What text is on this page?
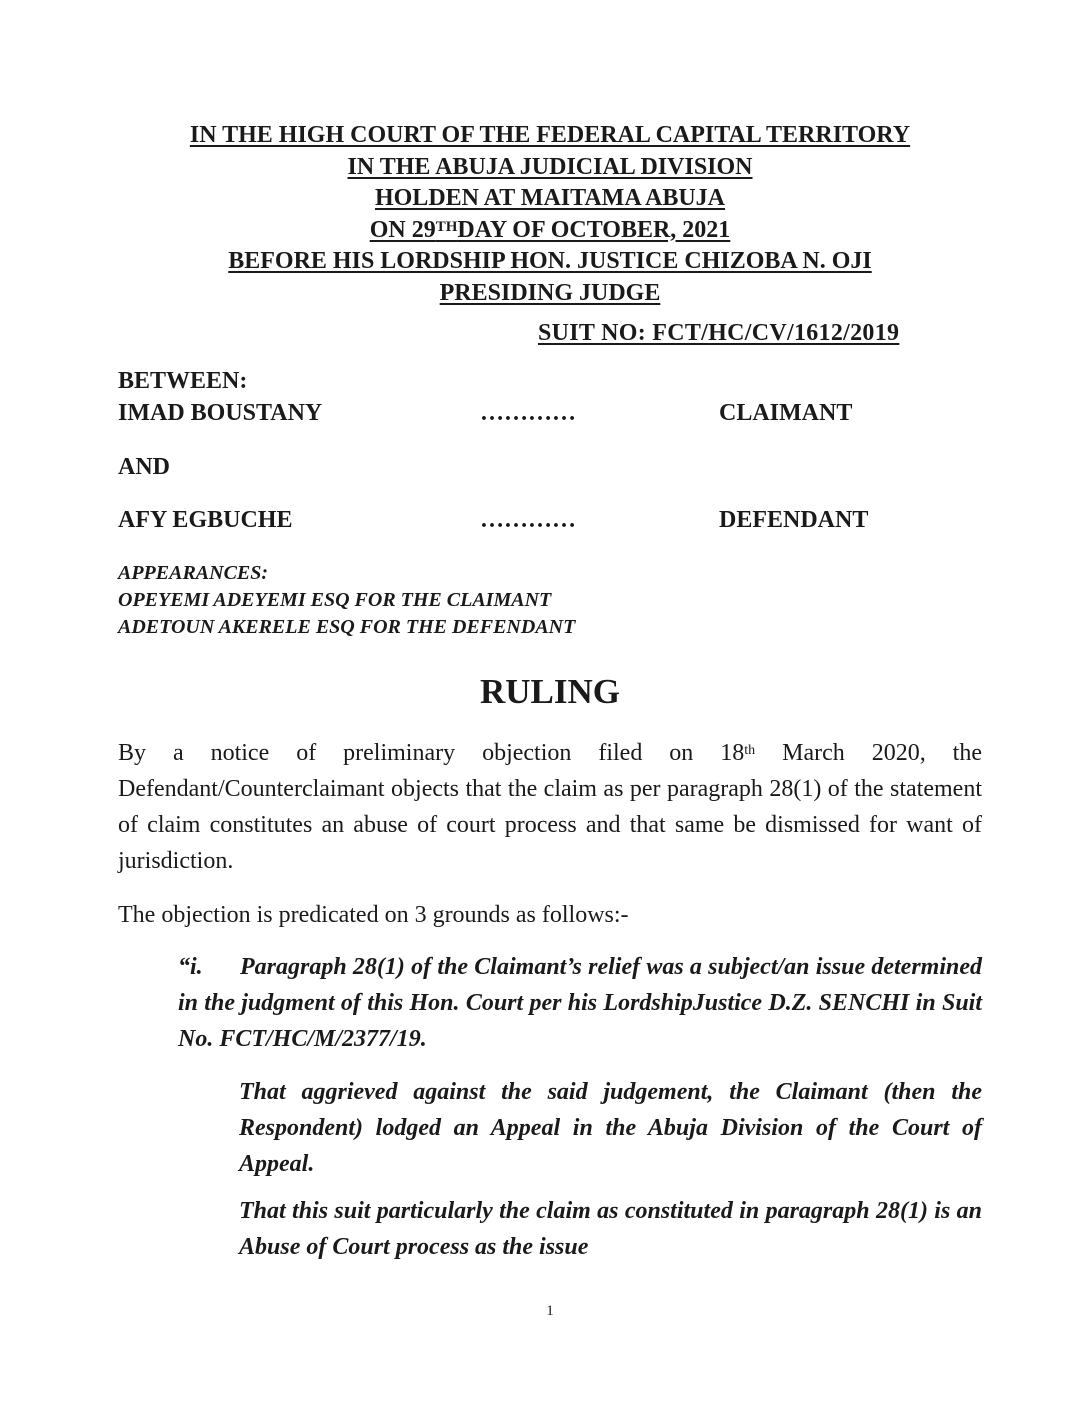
IN THE HIGH COURT OF THE FEDERAL CAPITAL TERRITORY
IN THE ABUJA JUDICIAL DIVISION
HOLDEN AT MAITAMA ABUJA
ON 29THDAY OF OCTOBER, 2021
BEFORE HIS LORDSHIP HON. JUSTICE CHIZOBA N. OJI
PRESIDING JUDGE
SUIT NO: FCT/HC/CV/1612/2019
BETWEEN:
IMAD BOUSTANY	…………	CLAIMANT
AND
AFY EGBUCHE	…………	DEFENDANT
APPEARANCES:
OPEYEMI ADEYEMI ESQ FOR THE CLAIMANT
ADETOUN AKERELE ESQ FOR THE DEFENDANT
RULING
By a notice of preliminary objection filed on 18th March 2020, the Defendant/Counterclaimant objects that the claim as per paragraph 28(1) of the statement of claim constitutes an abuse of court process and that same be dismissed for want of jurisdiction.
The objection is predicated on 3 grounds as follows:-
“i. Paragraph 28(1) of the Claimant’s relief was a subject/an issue determined in the judgment of this Hon. Court per his LordshipJustice D.Z. SENCHI in Suit No. FCT/HC/M/2377/19.
That aggrieved against the said judgement, the Claimant (then the Respondent) lodged an Appeal in the Abuja Division of the Court of Appeal.
That this suit particularly the claim as constituted in paragraph 28(1) is an Abuse of Court process as the issue
1
